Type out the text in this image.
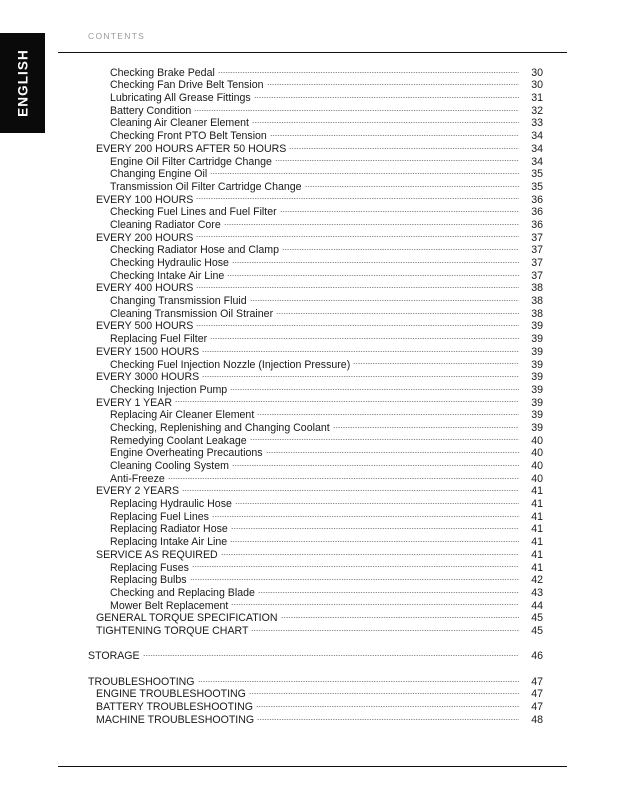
ENGLISH
CONTENTS
Checking Brake Pedal	30
Checking Fan Drive Belt Tension	30
Lubricating All Grease Fittings	31
Battery Condition	32
Cleaning Air Cleaner Element	33
Checking Front PTO Belt Tension	34
EVERY 200 HOURS AFTER 50 HOURS	34
Engine Oil Filter Cartridge Change	34
Changing Engine Oil	35
Transmission Oil Filter Cartridge Change	35
EVERY 100 HOURS	36
Checking Fuel Lines and Fuel Filter	36
Cleaning Radiator Core	36
EVERY 200 HOURS	37
Checking Radiator Hose and Clamp	37
Checking Hydraulic Hose	37
Checking Intake Air Line	37
EVERY 400 HOURS	38
Changing Transmission Fluid	38
Cleaning Transmission Oil Strainer	38
EVERY 500 HOURS	39
Replacing Fuel Filter	39
EVERY 1500 HOURS	39
Checking Fuel Injection Nozzle (Injection Pressure)	39
EVERY 3000 HOURS	39
Checking Injection Pump	39
EVERY 1 YEAR	39
Replacing Air Cleaner Element	39
Checking, Replenishing and Changing Coolant	39
Remedying Coolant Leakage	40
Engine Overheating Precautions	40
Cleaning Cooling System	40
Anti-Freeze	40
EVERY 2 YEARS	41
Replacing Hydraulic Hose	41
Replacing Fuel Lines	41
Replacing Radiator Hose	41
Replacing Intake Air Line	41
SERVICE AS REQUIRED	41
Replacing Fuses	41
Replacing Bulbs	42
Checking and Replacing Blade	43
Mower Belt Replacement	44
GENERAL TORQUE SPECIFICATION	45
TIGHTENING TORQUE CHART	45
STORAGE	46
TROUBLESHOOTING	47
ENGINE TROUBLESHOOTING	47
BATTERY TROUBLESHOOTING	47
MACHINE TROUBLESHOOTING	48
